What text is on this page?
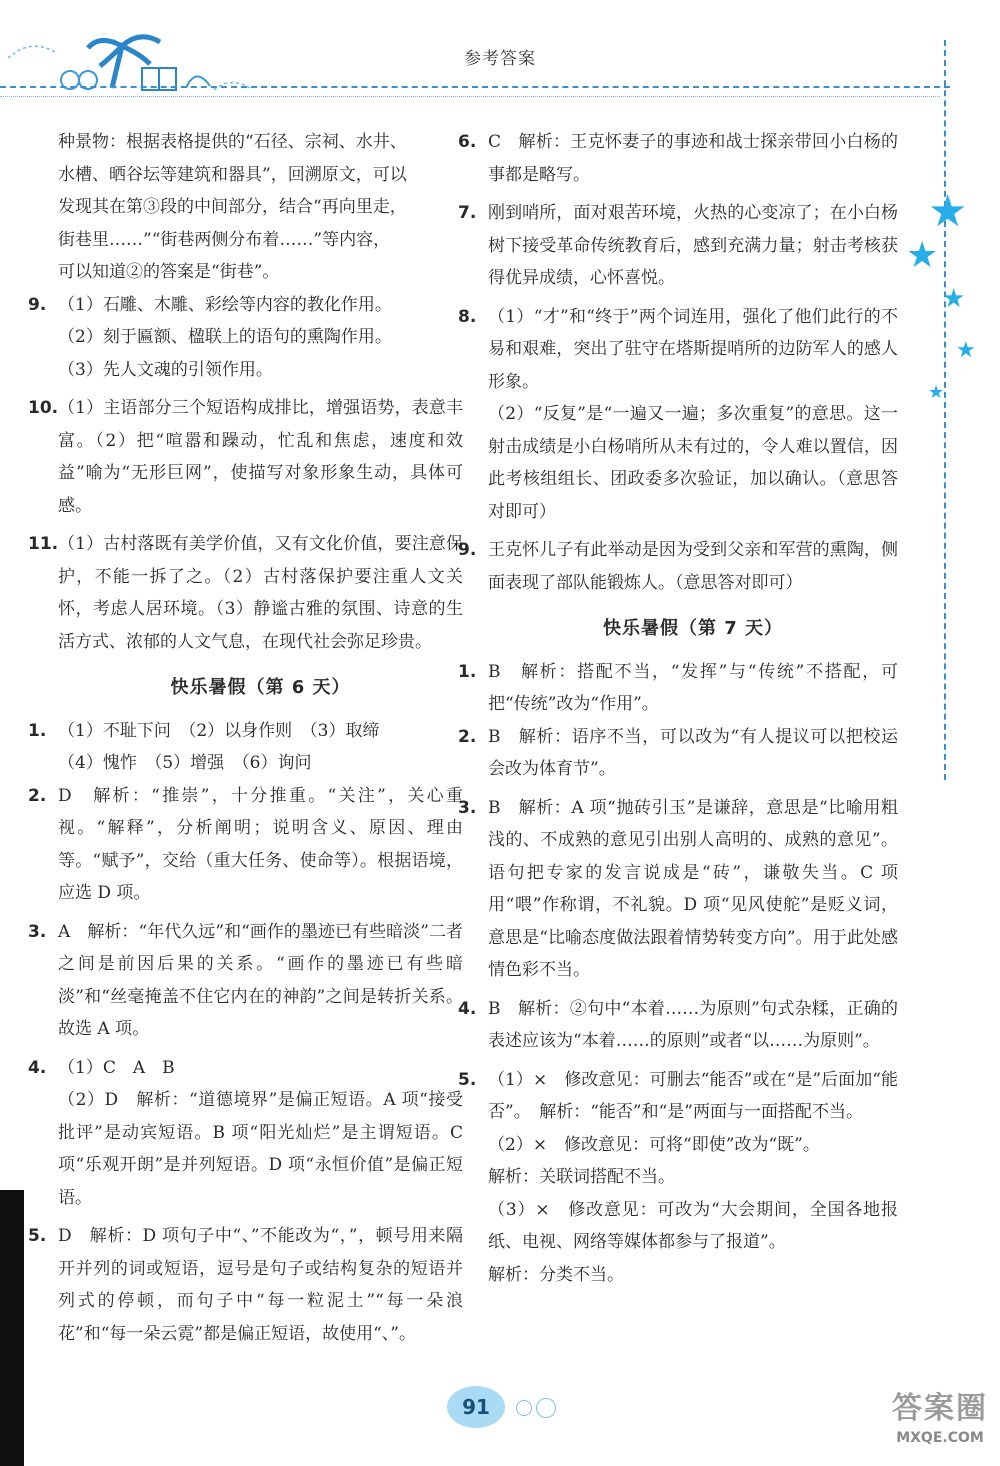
参考答案
★
★
★
★
★

种景物：根据表格提供的“石径、宗祠、水井、

水槽、晒谷坛等建筑和器具”，回溯原文，可以

发现其在第③段的中间部分，结合“再向里走，

街巷里……”“街巷两侧分布着……”等内容，

可以知道②的答案是“街巷”。

9. （1）石雕、木雕、彩绘等内容的教化作用。

（2）刻于匾额、楹联上的语句的熏陶作用。

（3）先人文魂的引领作用。

10. （1）主语部分三个短语构成排比，增强语势，表意丰富。（2）把“喧嚣和躁动，忙乱和焦虑，速度和效益”喻为“无形巨网”，使描写对象形象生动，具体可感。

11. （1）古村落既有美学价值，又有文化价值，要注意保护，不能一拆了之。（2）古村落保护要注重人文关怀，考虑人居环境。（3）静谧古雅的氛围、诗意的生活方式、浓郁的人文气息，在现代社会弥足珍贵。

快乐暑假（第 6 天）
1. （1）不耻下问　（2）以身作则　（3）取缔

（4）愧怍　（5）增强　（6）询问

2. D　解析：“推崇”，十分推重。“关注”，关心重视。“解释”，分析阐明；说明含义、原因、理由等。“赋予”，交给（重大任务、使命等）。根据语境，应选 D 项。

3. A　解析：“年代久远”和“画作的墨迹已有些暗淡”二者之间是前因后果的关系。“画作的墨迹已有些暗淡”和“丝毫掩盖不住它内在的神韵”之间是转折关系。故选 A 项。

4. （1）C　A　B

（2）D　解析：“道德境界”是偏正短语。A 项“接受批评”是动宾短语。B 项“阳光灿烂”是主谓短语。C 项“乐观开朗”是并列短语。D 项“永恒价值”是偏正短语。

5. D　解析：D 项句子中“、”不能改为“，”，顿号用来隔开并列的词或短语，逗号是句子或结构复杂的短语并列式的停顿，而句子中“每一粒泥土”“每一朵浪花”和“每一朵云霓”都是偏正短语，故使用“、”。

6. C　解析：王克怀妻子的事迹和战士探亲带回小白杨的事都是略写。

7. 刚到哨所，面对艰苦环境，火热的心变凉了；在小白杨树下接受革命传统教育后，感到充满力量；射击考核获得优异成绩，心怀喜悦。

8. （1）“才”和“终于”两个词连用，强化了他们此行的不易和艰难，突出了驻守在塔斯提哨所的边防军人的感人形象。

（2）“反复”是“一遍又一遍；多次重复”的意思。这一射击成绩是小白杨哨所从未有过的，令人难以置信，因此考核组组长、团政委多次验证，加以确认。（意思答对即可）

9. 王克怀儿子有此举动是因为受到父亲和军营的熏陶，侧面表现了部队能锻炼人。（意思答对即可）

快乐暑假（第 7 天）
1. B　解析：搭配不当，“发挥”与“传统”不搭配，可把“传统”改为“作用”。

2. B　解析：语序不当，可以改为“有人提议可以把校运会改为体育节”。

3. B　解析：A 项“抛砖引玉”是谦辞，意思是“比喻用粗浅的、不成熟的意见引出别人高明的、成熟的意见”。语句把专家的发言说成是“砖”，谦敬失当。C 项用“喂”作称谓，不礼貌。D 项“见风使舵”是贬义词，意思是“比喻态度做法跟着情势转变方向”。用于此处感情色彩不当。

4. B　解析：②句中“本着……为原则”句式杂糅，正确的表述应该为“本着……的原则”或者“以……为原则”。

5. （1）×　修改意见：可删去“能否”或在“是”后面加“能否”。　解析：“能否”和“是”两面与一面搭配不当。

（2）×　修改意见：可将“即使”改为“既”。

解析：关联词搭配不当。

（3）×　修改意见：可改为“大会期间，全国各地报纸、电视、网络等媒体都参与了报道”。

解析：分类不当。

91	答案圈
MXQE.COM
